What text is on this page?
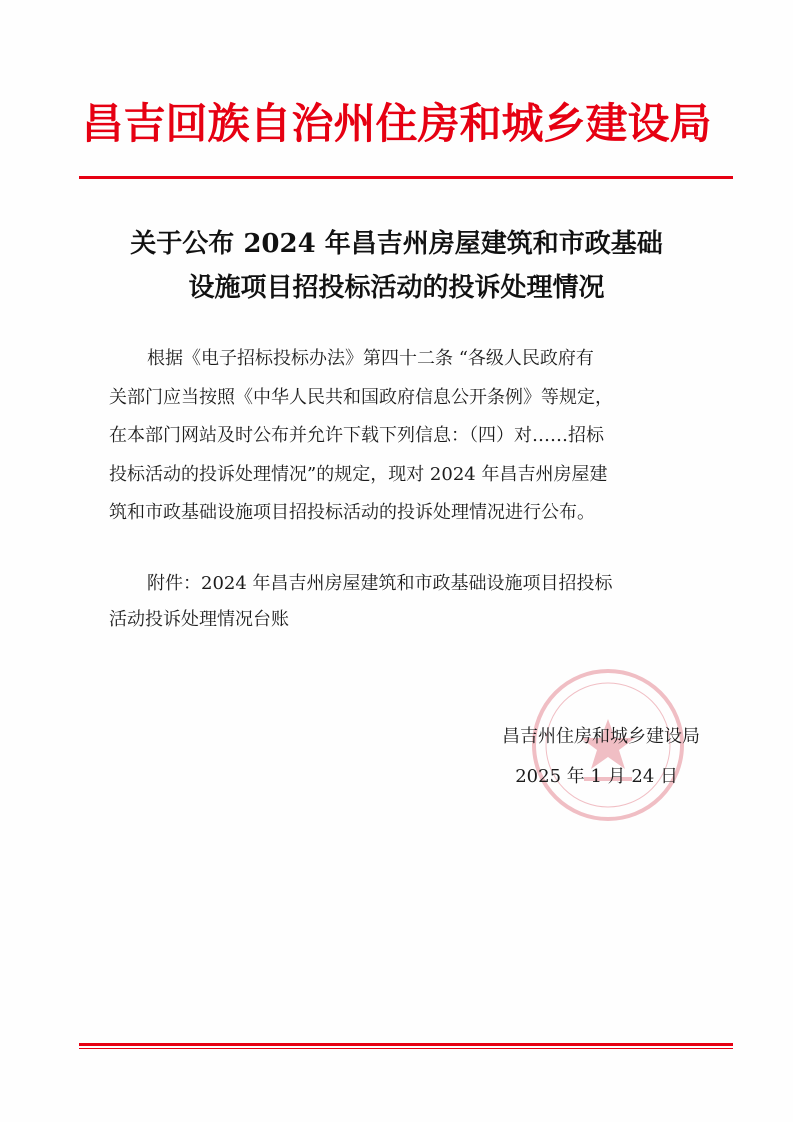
昌吉回族自治州住房和城乡建设局
关于公布 2024 年昌吉州房屋建筑和市政基础
设施项目招投标活动的投诉处理情况
根据《电子招标投标办法》第四十二条 “各级人民政府有
关部门应当按照《中华人民共和国政府信息公开条例》等规定，
在本部门网站及时公布并允许下载下列信息：（四）对……招标
投标活动的投诉处理情况”的规定，现对 2024 年昌吉州房屋建
筑和市政基础设施项目招投标活动的投诉处理情况进行公布。
附件：2024 年昌吉州房屋建筑和市政基础设施项目招投标
活动投诉处理情况台账
昌吉州住房和城乡建设局
2025 年 1 月 24 日
